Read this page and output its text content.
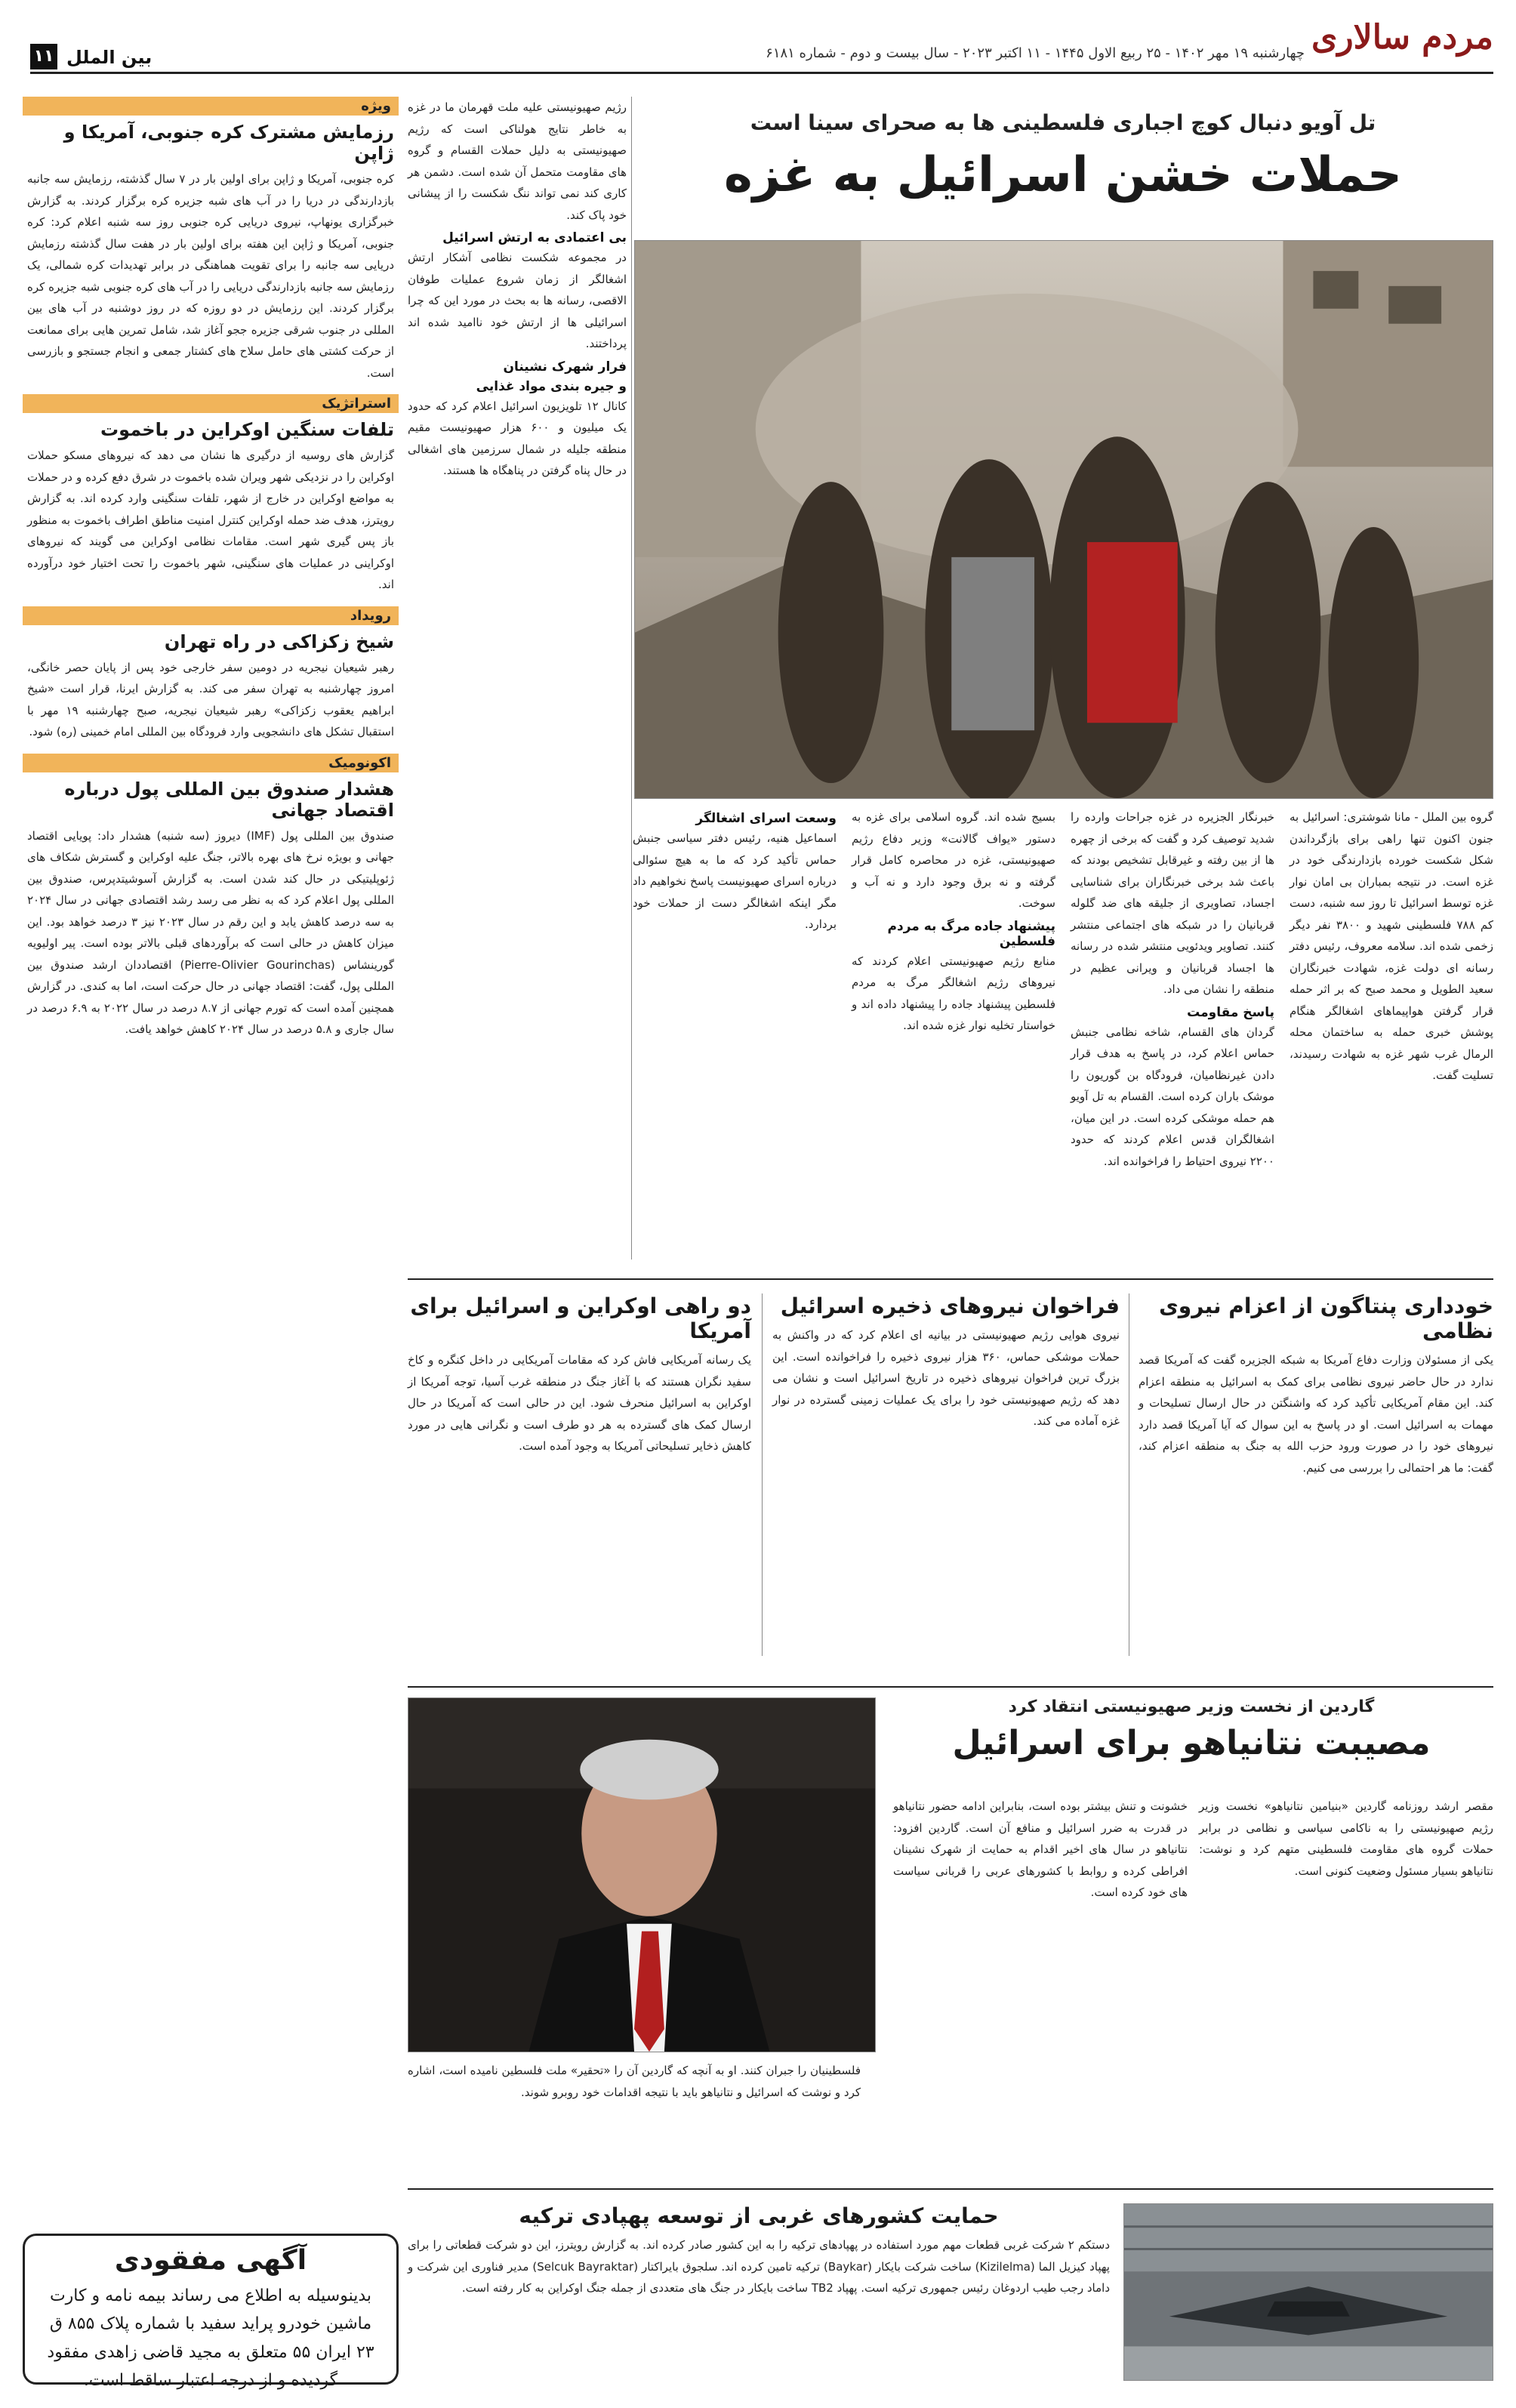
مردم سالاری
چهارشنبه ۱۹ مهر ۱۴۰۲ - ۲۵ ربیع الاول ۱۴۴۵ - ۱۱ اکتبر ۲۰۲۳ - سال بیست و دوم - شماره ۶۱۸۱
۱۱ بین الملل
ویژه
رزمایش مشترک کره جنوبی، آمریکا و ژاپن

کره جنوبی، آمریکا و ژاپن برای اولین بار در ۷ سال گذشته، رزمایش سه جانبه بازدارندگی در دریا را در آب های شبه جزیره کره برگزار کردند. به گزارش خبرگزاری یونهاپ، نیروی دریایی کره جنوبی روز سه شنبه اعلام کرد: کره جنوبی، آمریکا و ژاپن این هفته برای اولین بار در هفت سال گذشته رزمایش دریایی سه جانبه را برای تقویت هماهنگی در برابر تهدیدات کره شمالی، یک رزمایش سه جانبه بازدارندگی دریایی را در آب های کره جنوبی شبه جزیره کره برگزار کردند. این رزمایش در دو روزه که در روز دوشنبه در آب های بین المللی در جنوب شرقی جزیره ججو آغاز شد، شامل تمرین هایی برای ممانعت از حرکت کشتی های حامل سلاح های کشتار جمعی و انجام جستجو و بازرسی است.

استراتژیک
تلفات سنگین اوکراین در باخموت

گزارش های روسیه از درگیری ها نشان می دهد که نیروهای مسکو حملات اوکراین را در نزدیکی شهر ویران شده باخموت در شرق دفع کرده و در حملات به مواضع اوکراین در خارج از شهر، تلفات سنگینی وارد کرده اند. به گزارش رویترز، هدف ضد حمله اوکراین کنترل امنیت مناطق اطراف باخموت به منظور باز پس گیری شهر است. مقامات نظامی اوکراین می گویند که نیروهای اوکراینی در عملیات های سنگینی، شهر باخموت را تحت اختیار خود درآورده اند.

رویداد
شیخ زکزاکی در راه تهران

رهبر شیعیان نیجریه در دومین سفر خارجی خود پس از پایان حصر خانگی، امروز چهارشنبه به تهران سفر می کند. به گزارش ایرنا، قرار است «شیخ ابراهیم یعقوب زکزاکی» رهبر شیعیان نیجریه، صبح چهارشنبه ۱۹ مهر با استقبال تشکل های دانشجویی وارد فرودگاه بین المللی امام خمینی (ره) شود.

اکونومیک
هشدار صندوق بین المللی پول درباره اقتصاد جهانی

صندوق بین المللی پول (IMF) دیروز (سه شنبه) هشدار داد: پویایی اقتصاد جهانی و بویژه نرخ های بهره بالاتر، جنگ علیه اوکراین و گسترش شکاف های ژئوپلیتیکی در حال کند شدن است. به گزارش آسوشیتدپرس، صندوق بین المللی پول اعلام کرد که به نظر می رسد رشد اقتصادی جهانی در سال ۲۰۲۴ به سه درصد کاهش یابد و این رقم در سال ۲۰۲۳ نیز ۳ درصد خواهد بود. این میزان کاهش در حالی است که برآوردهای قبلی بالاتر بوده است. پیر اولیویه گورینشاس (Pierre-Olivier Gourinchas) اقتصاددان ارشد صندوق بین المللی پول، گفت: اقتصاد جهانی در حال حرکت است، اما به کندی. در گزارش همچنین آمده است که تورم جهانی از ۸.۷ درصد در سال ۲۰۲۲ به ۶.۹ درصد در سال جاری و ۵.۸ درصد در سال ۲۰۲۴ کاهش خواهد یافت.

آگهی مفقودی
بدینوسیله به اطلاع می رساند بیمه نامه و کارت ماشین خودرو پراید سفید با شماره پلاک ۸۵۵ ق ۲۳ ایران ۵۵ متعلق به مجید قاضی زاهدی مفقود گردیده و از درجه اعتبار ساقط است.
تل آویو دنبال کوچ اجباری فلسطینی ها به صحرای سینا است
حملات خشن اسرائیل به غزه

رژیم صهیونیستی علیه ملت قهرمان ما در غزه به خاطر نتایج هولناکی است که رژیم صهیونیستی به دلیل حملات القسام و گروه های مقاومت متحمل آن شده است. دشمن هر کاری کند نمی تواند ننگ شکست را از پیشانی خود پاک کند.

بی اعتمادی به ارتش اسرائیل

در مجموعه شکست نظامی آشکار ارتش اشغالگر از زمان شروع عملیات طوفان الاقصی، رسانه ها به بحث در مورد این که چرا اسرائیلی ها از ارتش خود ناامید شده اند پرداختند.

فرار شهرک نشینان
و جیره بندی مواد غذایی

کانال ۱۲ تلویزیون اسرائیل اعلام کرد که حدود یک میلیون و ۶۰۰ هزار صهیونیست مقیم منطقه جلیله در شمال سرزمین های اشغالی در حال پناه گرفتن در پناهگاه ها هستند.

گروه بین الملل - مانا شوشتری: اسرائیل به جنون اکنون تنها راهی برای بازگرداندن شکل شکست خورده بازدارندگی خود در غزه است. در نتیجه بمباران بی امان نوار غزه توسط اسرائیل تا روز سه شنبه، دست کم ۷۸۸ فلسطینی شهید و ۳۸۰۰ نفر دیگر زخمی شده اند. سلامه معروف، رئیس دفتر رسانه ای دولت غزه، شهادت خبرنگاران سعید الطویل و محمد صبح که بر اثر حمله قرار گرفتن هواپیماهای اشغالگر هنگام پوشش خبری حمله به ساختمان محله الرمال غرب شهر غزه به شهادت رسیدند، تسلیت گفت.

خبرنگار الجزیره در غزه جراحات وارده را شدید توصیف کرد و گفت که برخی از چهره ها از بین رفته و غیرقابل تشخیص بودند که باعث شد برخی خبرنگاران برای شناسایی اجساد، تصاویری از جلیقه های ضد گلوله قربانیان را در شبکه های اجتماعی منتشر کنند. تصاویر ویدئویی منتشر شده در رسانه ها اجساد قربانیان و ویرانی عظیم در منطقه را نشان می داد.

پاسخ مقاومت

گردان های القسام، شاخه نظامی جنبش حماس اعلام کرد، در پاسخ به هدف قرار دادن غیرنظامیان، فرودگاه بن گوریون را موشک باران کرده است. القسام به تل آویو هم حمله موشکی کرده است. در این میان، اشغالگران قدس اعلام کردند که حدود ۲۲۰۰ نیروی احتیاط را فراخوانده اند.

بسیج شده اند. گروه اسلامی برای غزه به دستور «یواف گالانت» وزیر دفاع رژیم صهیونیستی، غزه در محاصره کامل قرار گرفته و نه برق وجود دارد و نه آب و سوخت.

پیشنهاد جاده مرگ به مردم فلسطین

منابع رژیم صهیونیستی اعلام کردند که نیروهای رژیم اشغالگر مرگ به مردم فلسطین پیشنهاد جاده را پیشنهاد داده اند و خواستار تخلیه نوار غزه شده اند.

وسعت اسرای اشغالگر

اسماعیل هنیه، رئیس دفتر سیاسی جنبش حماس تأکید کرد که ما به هیچ سئوالی درباره اسرای صهیونیست پاسخ نخواهیم داد مگر اینکه اشغالگر دست از حملات خود بردارد.

خودداری پنتاگون از اعزام نیروی نظامی

یکی از مسئولان وزارت دفاع آمریکا به شبکه الجزیره گفت که آمریکا قصد ندارد در حال حاضر نیروی نظامی برای کمک به اسرائیل به منطقه اعزام کند. این مقام آمریکایی تأکید کرد که واشنگتن در حال ارسال تسلیحات و مهمات به اسرائیل است. او در پاسخ به این سوال که آیا آمریکا قصد دارد نیروهای خود را در صورت ورود حزب الله به جنگ به منطقه اعزام کند، گفت: ما هر احتمالی را بررسی می کنیم.

فراخوان نیروهای ذخیره اسرائیل

نیروی هوایی رژیم صهیونیستی در بیانیه ای اعلام کرد که در واکنش به حملات موشکی حماس، ۳۶۰ هزار نیروی ذخیره را فراخوانده است. این بزرگ ترین فراخوان نیروهای ذخیره در تاریخ اسرائیل است و نشان می دهد که رژیم صهیونیستی خود را برای یک عملیات زمینی گسترده در نوار غزه آماده می کند.

دو راهی اوکراین و اسرائیل برای آمریکا

یک رسانه آمریکایی فاش کرد که مقامات آمریکایی در داخل کنگره و کاخ سفید نگران هستند که با آغاز جنگ در منطقه غرب آسیا، توجه آمریکا از اوکراین به اسرائیل منحرف شود. این در حالی است که آمریکا در حال ارسال کمک های گسترده به هر دو طرف است و نگرانی هایی در مورد کاهش ذخایر تسلیحاتی آمریکا به وجود آمده است.

گاردین از نخست وزیر صهیونیستی انتقاد کرد
مصیبت نتانیاهو برای اسرائیل

مقصر ارشد روزنامه گاردین «بنیامین نتانیاهو» نخست وزیر رژیم صهیونیستی را به ناکامی سیاسی و نظامی در برابر حملات گروه های مقاومت فلسطینی متهم کرد و نوشت: نتانیاهو بسیار مسئول وضعیت کنونی است.

خشونت و تنش بیشتر بوده است، بنابراین ادامه حضور نتانیاهو در قدرت به ضرر اسرائیل و منافع آن است. گاردین افزود: نتانیاهو در سال های اخیر اقدام به حمایت از شهرک نشینان افراطی کرده و روابط با کشورهای عربی را قربانی سیاست های خود کرده است.

فلسطینیان را جبران کنند. او به آنچه که گاردین آن را «تحقیر» ملت فلسطین نامیده است، اشاره کرد و نوشت که اسرائیل و نتانیاهو باید با نتیجه اقدامات خود روبرو شوند.

حمایت کشورهای غربی از توسعه پهپادی ترکیه

دستکم ۲ شرکت غربی قطعات مهم مورد استفاده در پهپادهای ترکیه را به این کشور صادر کرده اند. به گزارش رویترز، این دو شرکت قطعاتی را برای پهپاد کیزیل الما (Kizilelma) ساخت شرکت بایکار (Baykar) ترکیه تامین کرده اند. سلجوق بایراکتار (Selcuk Bayraktar) مدیر فناوری این شرکت و داماد رجب طیب اردوغان رئیس جمهوری ترکیه است. پهپاد TB2 ساخت بایکار در جنگ های متعددی از جمله جنگ اوکراین به کار رفته است.
